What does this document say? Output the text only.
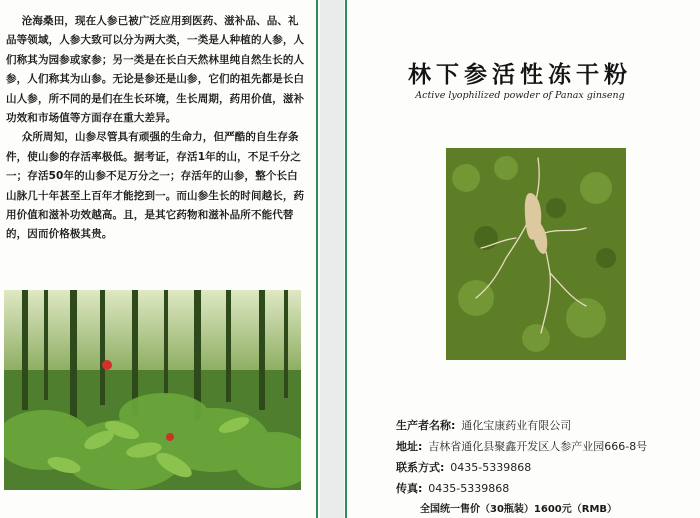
沧海桑田，现在人参已被广泛应用到医药、滋补品、品、礼品等领域，人参大致可以分为两大类，一类是人种植的人参，人们称其为园参或家参；另一类是在长白天然林里纯自然生长的人参，人们称其为山参。无论是参还是山参，它们的祖先都是长白山人参，所不同的是们在生长环境，生长周期，药用价值，滋补功效和市场值等方面存在重大差异。

众所周知，山参尽管具有顽强的生命力，但严酷的自生存条件，使山参的存活率极低。据考证，存活1年的山，不足千分之一；存活50年的山参不足万分之一；存活年的山参，整个长白山脉几十年甚至上百年才能挖到一。而山参生长的时间越长，药用价值和滋补功效越高。且，是其它药物和滋补品所不能代替的，因而价格极其贵。

林下参活性冻干粉
Active lyophilized powder of Panax ginseng
生产者名称: 通化宝康药业有限公司
地址: 吉林省通化县聚鑫开发区人参产业园666-8号
联系方式: 0435-5339868
传真: 0435-5339868
全国统一售价（30瓶装）1600元（RMB）
